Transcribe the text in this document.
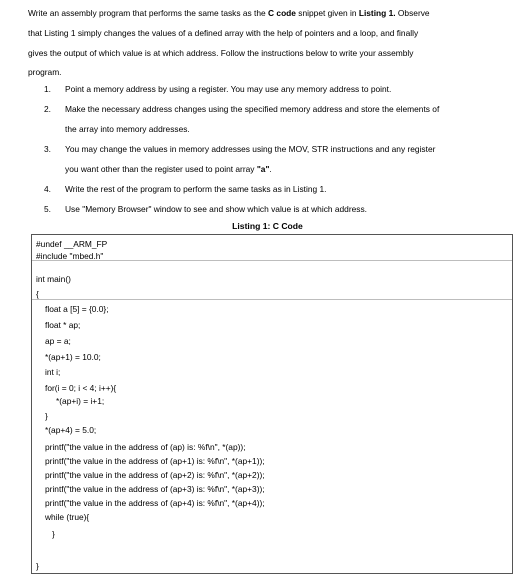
Write an assembly program that performs the same tasks as the C code snippet given in Listing 1. Observe

that Listing 1 simply changes the values of a defined array with the help of pointers and a loop, and finally

gives the output of which value is at which address. Follow the instructions below to write your assembly

program.

1. Point a memory address by using a register. You may use any memory address to point.
2. Make the necessary address changes using the specified memory address and store the elements of
the array into memory addresses.
3. You may change the values in memory addresses using the MOV, STR instructions and any register
you want other than the register used to point array "a".
4. Write the rest of the program to perform the same tasks as in Listing 1.
5. Use "Memory Browser" window to see and show which value is at which address.
Listing 1: C Code
#undef __ARM_FP
#include "mbed.h"
int main()
{
float a [5] = {0.0};
float * ap;
ap = a;
*(ap+1) = 10.0;
int i;
for(i = 0; i < 4; i++){
*(ap+i) = i+1;
}
*(ap+4) = 5.0;
printf("the value in the address of (ap) is: %f\n", *(ap));
printf("the value in the address of (ap+1) is: %f\n", *(ap+1));
printf("the value in the address of (ap+2) is: %f\n", *(ap+2));
printf("the value in the address of (ap+3) is: %f\n", *(ap+3));
printf("the value in the address of (ap+4) is: %f\n", *(ap+4));
while (true){
}
}
